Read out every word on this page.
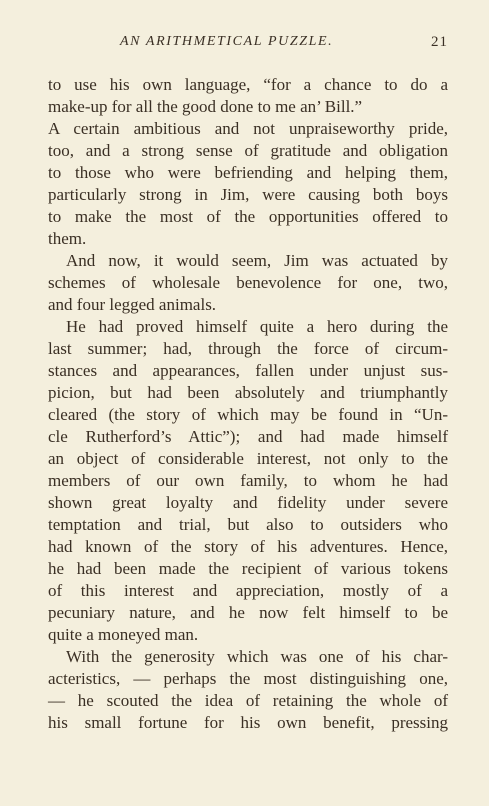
AN ARITHMETICAL PUZZLE.	21
to use his own language, “for a chance to do a
make-up for all the good done to me an’ Bill.”
A certain ambitious and not unpraiseworthy pride,
too, and a strong sense of gratitude and obligation
to those who were befriending and helping them,
particularly strong in Jim, were causing both boys
to make the most of the opportunities offered to
them.
And now, it would seem, Jim was actuated by
schemes of wholesale benevolence for one, two,
and four legged animals.
He had proved himself quite a hero during the
last summer; had, through the force of circum-
stances and appearances, fallen under unjust sus-
picion, but had been absolutely and triumphantly
cleared (the story of which may be found in “Un-
cle Rutherford’s Attic”); and had made himself
an object of considerable interest, not only to the
members of our own family, to whom he had
shown great loyalty and fidelity under severe
temptation and trial, but also to outsiders who
had known of the story of his adventures. Hence,
he had been made the recipient of various tokens
of this interest and appreciation, mostly of a
pecuniary nature, and he now felt himself to be
quite a moneyed man.
With the generosity which was one of his char-
acteristics, — perhaps the most distinguishing one,
— he scouted the idea of retaining the whole of
his small fortune for his own benefit, pressing
